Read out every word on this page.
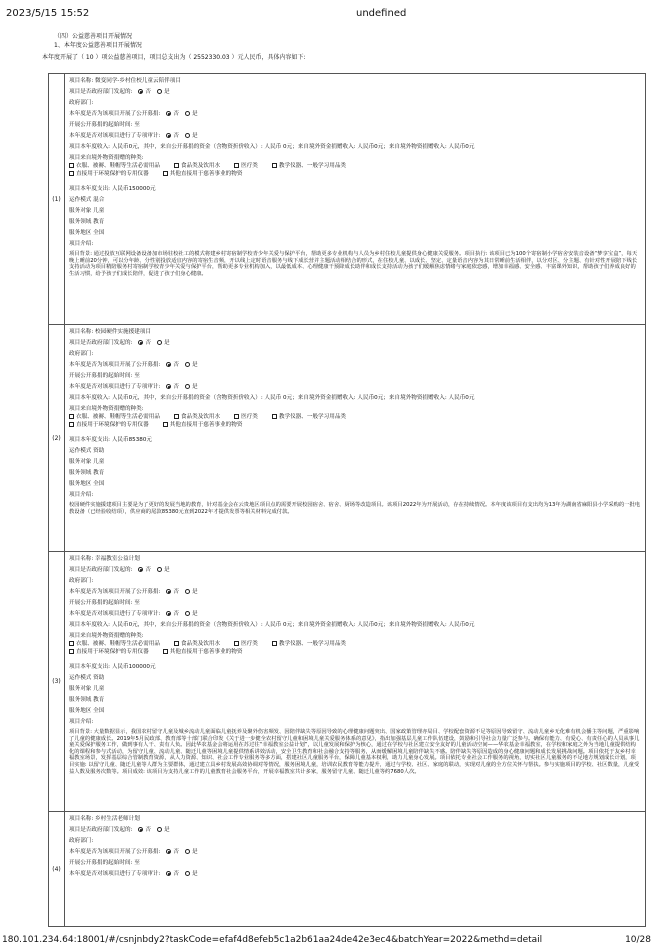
2023/5/15 15:52	undefined
（四）公益慈善项目开展情况
1、本年度公益慈善项目开展情况
本年度开展了（ 10 ）项公益慈善项目，项目总支出为（ 2552330.03 ）元人民币，具体内容如下:
(1)
项目名称: 微变同学-乡村住校儿童云陪伴项目
项目是否政府部门发起的: 否 是
政府部门:
本年度是否为该项目开展了公开募捐: 否 是
开展公开募捐的起始时间: 至
本年度是否对该项目进行了专项审计: 否 是
项目本年度收入: 人民币0元，其中，来自公开募捐的资金（含物资折价收入）: 人民币 0元；来自境外资金捐赠收入: 人民币0元；来自境外物资捐赠收入: 人民币0元
项目来自境外物资捐赠的种类:
衣服、被褥、鞋帽等生活必需用品	食品类及饮用水	医疗类	教学仪器、一般学习用品类
直接用于环境保护的专用仪器	其他直接用于慈善事业的物资
项目本年度支出: 人民币150000元
运作模式 混合
服务对象 儿童
服务领域 教育
服务地区 全国
项目介绍:
项目背景: 通过投放互联网设备设备加市场驻校社工的模式将建乡村寄宿制学校青少年关爱与保护平台，帮助更多专业机构与人员为乡村住校儿童提供身心健康关爱服务。项目执行: 该项目已为100个寄宿制小学宿舍安装音设备“梦享宝盒”，每天晚上睡前20分钟，可以分年龄、分性别投放适宜内容的寄宿生音频，开以线上定时语音服务与线下成长营并主题活动相结合的形式，在住校儿童、以成长、坚定、定量语音内容为其日常睡前生活相伴，以分对区、分主题、有针对性开展陪下线长支持活动为项目精陪服务村寄宿制学校青少年关爱与保护平台，帮助更多专业机构加入，以最低成本、心理健康干预降成长助伴和成长支持活动为孩子们缓解焦虑情绪与家庭依恋感，增加幸福感、安全感、丰富课外知识，帮助孩子们养成良好的生活习惯，给予孩子们成长陪伴，促进了孩子们身心健康。
(2)
项目名称: 校园硬件实施援建项目
项目是否政府部门发起的: 否 是
政府部门:
本年度是否为该项目开展了公开募捐: 否 是
开展公开募捐的起始时间: 至
本年度是否对该项目进行了专项审计: 否 是
项目本年度收入: 人民币0元，其中，来自公开募捐的资金（含物资折价收入）: 人民币 0元；来自境外资金捐赠收入: 人民币0元；来自境外物资捐赠收入: 人民币0元
项目来自境外物资捐赠的种类:
衣服、被褥、鞋帽等生活必需用品	食品类及饮用水	医疗类	教学仪器、一般学习用品类
直接用于环境保护的专用仪器	其他直接用于慈善事业的物资
项目本年度支出: 人民币85380元
运作模式 资助
服务对象 儿童
服务领域 教育
服务地区 全国
项目介绍:
校园硬件实施援建项目主要是为了更好的发展当地的教育，针对基金会在云贵地区项目点的需要开展校园宿舍、宿舍、厨场等改造项目。该项目2022年为开展活动，存在持续情况。本年度该项目有支出均为13年为湖南省麻阳县小学采购的一批电教设备（已经验收结项），供应商的尾款85380元直到2022年才提供发票等相关材料完成付款。
(3)
项目名称: 幸福教室公益计划
项目是否政府部门发起的: 否 是
政府部门:
本年度是否为该项目开展了公开募捐: 否 是
开展公开募捐的起始时间: 至
本年度是否对该项目进行了专项审计: 否 是
项目本年度收入: 人民币0元，其中，来自公开募捐的资金（含物资折价收入）: 人民币 0元；来自境外资金捐赠收入: 人民币0元；来自境外物资捐赠收入: 人民币0元
项目来自境外物资捐赠的种类:
衣服、被褥、鞋帽等生活必需用品	食品类及饮用水	医疗类	教学仪器、一般学习用品类
直接用于环境保护的专用仪器	其他直接用于慈善事业的物资
项目本年度支出: 人民币100000元
运作模式 资助
服务对象 儿童
服务领域 教育
服务地区 全国
项目介绍:
项目背景: 大量数据显示，我国农村留守儿童及城乡流动儿童面临儿童抚养及聚外伤害频发、因陪伴缺失等原因导致的心理健康问题突出、国家政策管理亦局目、学校配套资源不足等原因导致留守、流动儿童乡无化难有机会播主等问题，严重影响了儿童的健康成长。2019年5月民政部、教育部等十部门联合印发《关于进一步健全农村留守儿童和困境儿童关爱服务体系的意见》，指出加强基层儿童工作队伍建设，鼓励和引导社会力量广泛参与。确保有能力、有爱心、有责任心的人员从事儿童关爱保护服务工作，做到事有人干、责有人负。因此华农基金会将运用在苏过往“幸福教室公益计划”，以儿童发展和保护为核心，通过在学校与社区建立安全友好的儿童活动空间——华农基金幸福教室，在学校和家庭之外为当地儿童提供结构化的课程和参与式活动，为留守儿童、流动儿童、随迁儿童等困境儿童提供情系讲效活动，安全卫生教育和社会融合支持等服务，从而缓解困境儿童陪伴缺失不感。陪伴缺失等原因造成的身心健康问题和成长发展挑战问题。项目依托于友乡村幸福教室场景，发挥基层综合管制教育资源，从人力资源、知识、社会工作专业服务等多方面，搭建社区儿童服务平台，保障儿童基本权利，助力儿童身心发展。项目依托专业社会工作服务的视角，切实社区儿童服务的不足地方规划成长计划，项目实施: 以留守儿童、随迁儿童等人群为主要群体，通过建立具乡村发展高效协调对等情况，服务困境儿童，培训农民教育等能力提升，通过与学校、社区、家庭的联动，实现对儿童的全方位关怀与帮扶。参与实施项目的学校、社区数量，儿童受益人数及服务次数等。项目成效: 该项目为支持儿童工作的儿童教育社会服务平台，开展幸福教室共计多家，服务留守儿童、随迁儿童等约7680人次。
(4)
项目名称: 乡村生活老师计划
项目是否政府部门发起的: 否 是
政府部门:
本年度是否为该项目开展了公开募捐: 否 是
开展公开募捐的起始时间: 至
本年度是否对该项目进行了专项审计: 否 是
180.101.234.64:18001/#/csnjnbdy2?taskCode=efaf4d8efeb5c1a2b61aa24de42e3ec4&batchYear=2022&methd=detail	10/28
